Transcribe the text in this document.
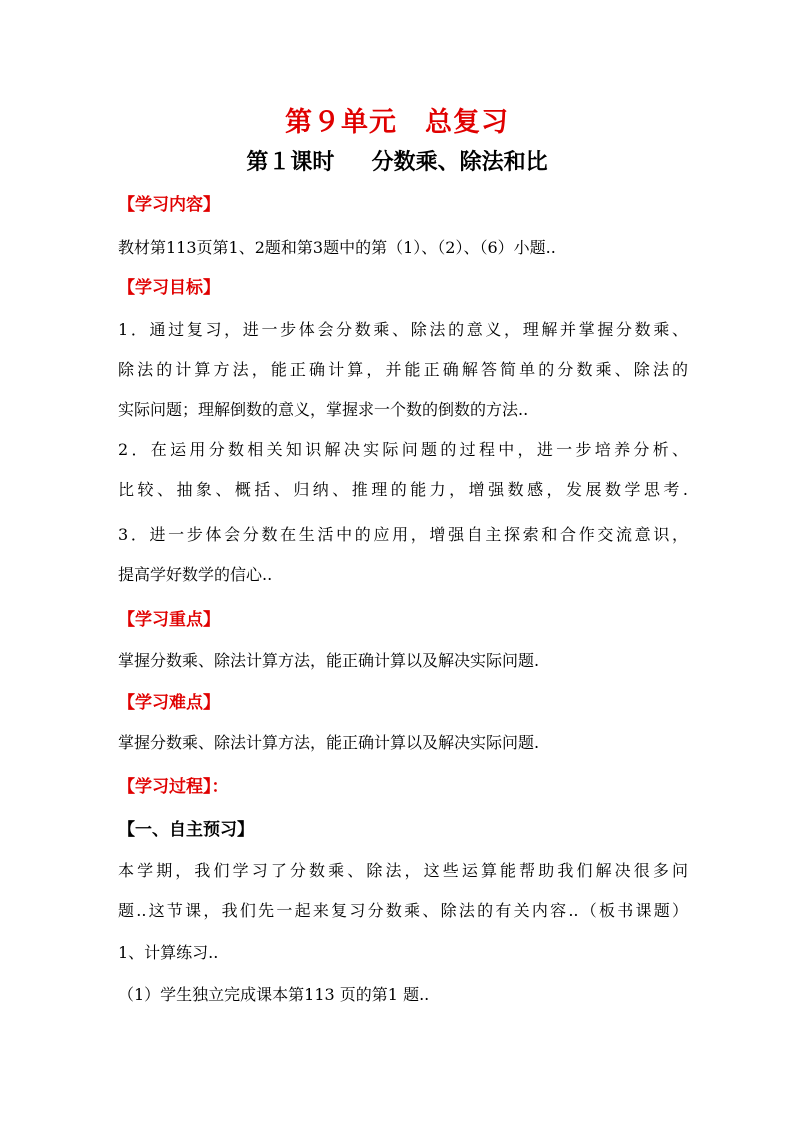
第９单元　总复习
第１课时　  分数乘、除法和比
【学习内容】
教材第113页第1、2题和第3题中的第（1）、（2）、（6）小题..
【学习目标】
1．通过复习，进一步体会分数乘、除法的意义，理解并掌握分数乘、
除法的计算方法，能正确计算，并能正确解答简单的分数乘、除法的
实际问题；理解倒数的意义，掌握求一个数的倒数的方法..
2．在运用分数相关知识解决实际问题的过程中，进一步培养分析、
比较、抽象、概括、归纳、推理的能力，增强数感，发展数学思考.
3．进一步体会分数在生活中的应用，增强自主探索和合作交流意识，
提高学好数学的信心..
【学习重点】
掌握分数乘、除法计算方法，能正确计算以及解决实际问题.
【学习难点】
掌握分数乘、除法计算方法，能正确计算以及解决实际问题.
【学习过程】：
【一、自主预习】
本学期，我们学习了分数乘、除法，这些运算能帮助我们解决很多问
题..这节课，我们先一起来复习分数乘、除法的有关内容..（板书课题）
1、计算练习..
（1）学生独立完成课本第113 页的第1 题..
